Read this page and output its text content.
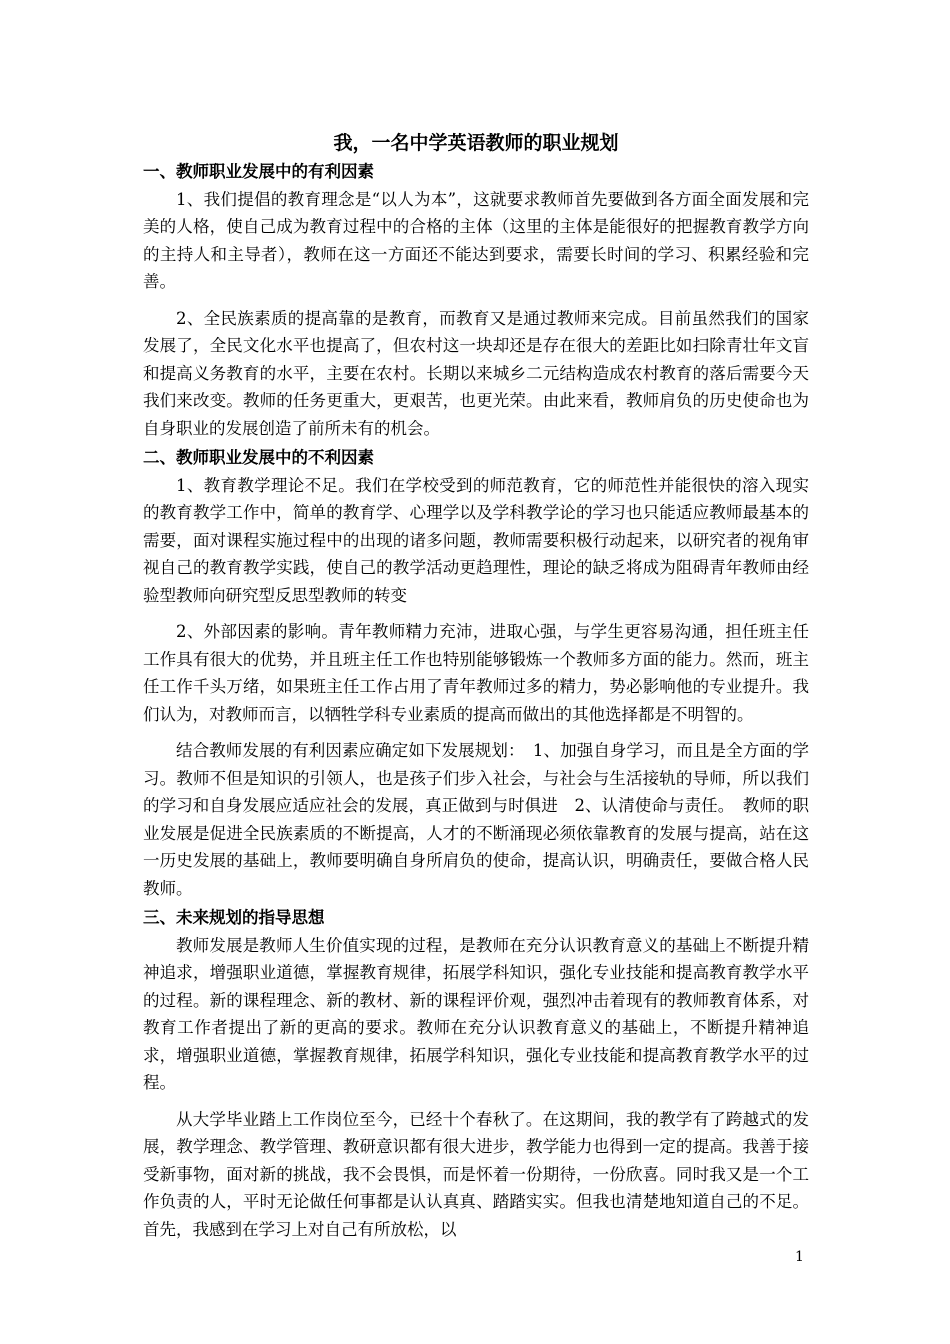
我，一名中学英语教师的职业规划
一、教师职业发展中的有利因素

1、我们提倡的教育理念是“以人为本”，这就要求教师首先要做到各方面全面发展和完美的人格，使自己成为教育过程中的合格的主体（这里的主体是能很好的把握教育教学方向的主持人和主导者），教师在这一方面还不能达到要求，需要长时间的学习、积累经验和完善。

2、全民族素质的提高靠的是教育，而教育又是通过教师来完成。目前虽然我们的国家发展了，全民文化水平也提高了，但农村这一块却还是存在很大的差距比如扫除青壮年文盲和提高义务教育的水平，主要在农村。长期以来城乡二元结构造成农村教育的落后需要今天我们来改变。教师的任务更重大，更艰苦，也更光荣。由此来看，教师肩负的历史使命也为自身职业的发展创造了前所未有的机会。

二、教师职业发展中的不利因素

1、教育教学理论不足。我们在学校受到的师范教育，它的师范性并能很快的溶入现实的教育教学工作中，简单的教育学、心理学以及学科教学论的学习也只能适应教师最基本的需要，面对课程实施过程中的出现的诸多问题，教师需要积极行动起来，以研究者的视角审视自己的教育教学实践，使自己的教学活动更趋理性，理论的缺乏将成为阻碍青年教师由经验型教师向研究型反思型教师的转变

2、外部因素的影响。青年教师精力充沛，进取心强，与学生更容易沟通，担任班主任工作具有很大的优势，并且班主任工作也特别能够锻炼一个教师多方面的能力。然而，班主任工作千头万绪，如果班主任工作占用了青年教师过多的精力，势必影响他的专业提升。我们认为，对教师而言，以牺牲学科专业素质的提高而做出的其他选择都是不明智的。

结合教师发展的有利因素应确定如下发展规划：　1、加强自身学习，而且是全方面的学习。教师不但是知识的引领人，也是孩子们步入社会，与社会与生活接轨的导师，所以我们的学习和自身发展应适应社会的发展，真正做到与时俱进　2、认清使命与责任。　教师的职业发展是促进全民族素质的不断提高，人才的不断涌现必须依靠教育的发展与提高，站在这一历史发展的基础上，教师要明确自身所肩负的使命，提高认识，明确责任，要做合格人民教师。

三、未来规划的指导思想

教师发展是教师人生价值实现的过程，是教师在充分认识教育意义的基础上不断提升精神追求，增强职业道德，掌握教育规律，拓展学科知识，强化专业技能和提高教育教学水平的过程。新的课程理念、新的教材、新的课程评价观，强烈冲击着现有的教师教育体系，对教育工作者提出了新的更高的要求。教师在充分认识教育意义的基础上，不断提升精神追求，增强职业道德，掌握教育规律，拓展学科知识，强化专业技能和提高教育教学水平的过程。

从大学毕业踏上工作岗位至今，已经十个春秋了。在这期间，我的教学有了跨越式的发展，教学理念、教学管理、教研意识都有很大进步，教学能力也得到一定的提高。我善于接受新事物，面对新的挑战，我不会畏惧，而是怀着一份期待，一份欣喜。同时我又是一个工作负责的人，平时无论做任何事都是认认真真、踏踏实实。但我也清楚地知道自己的不足。首先，我感到在学习上对自己有所放松，以

1
